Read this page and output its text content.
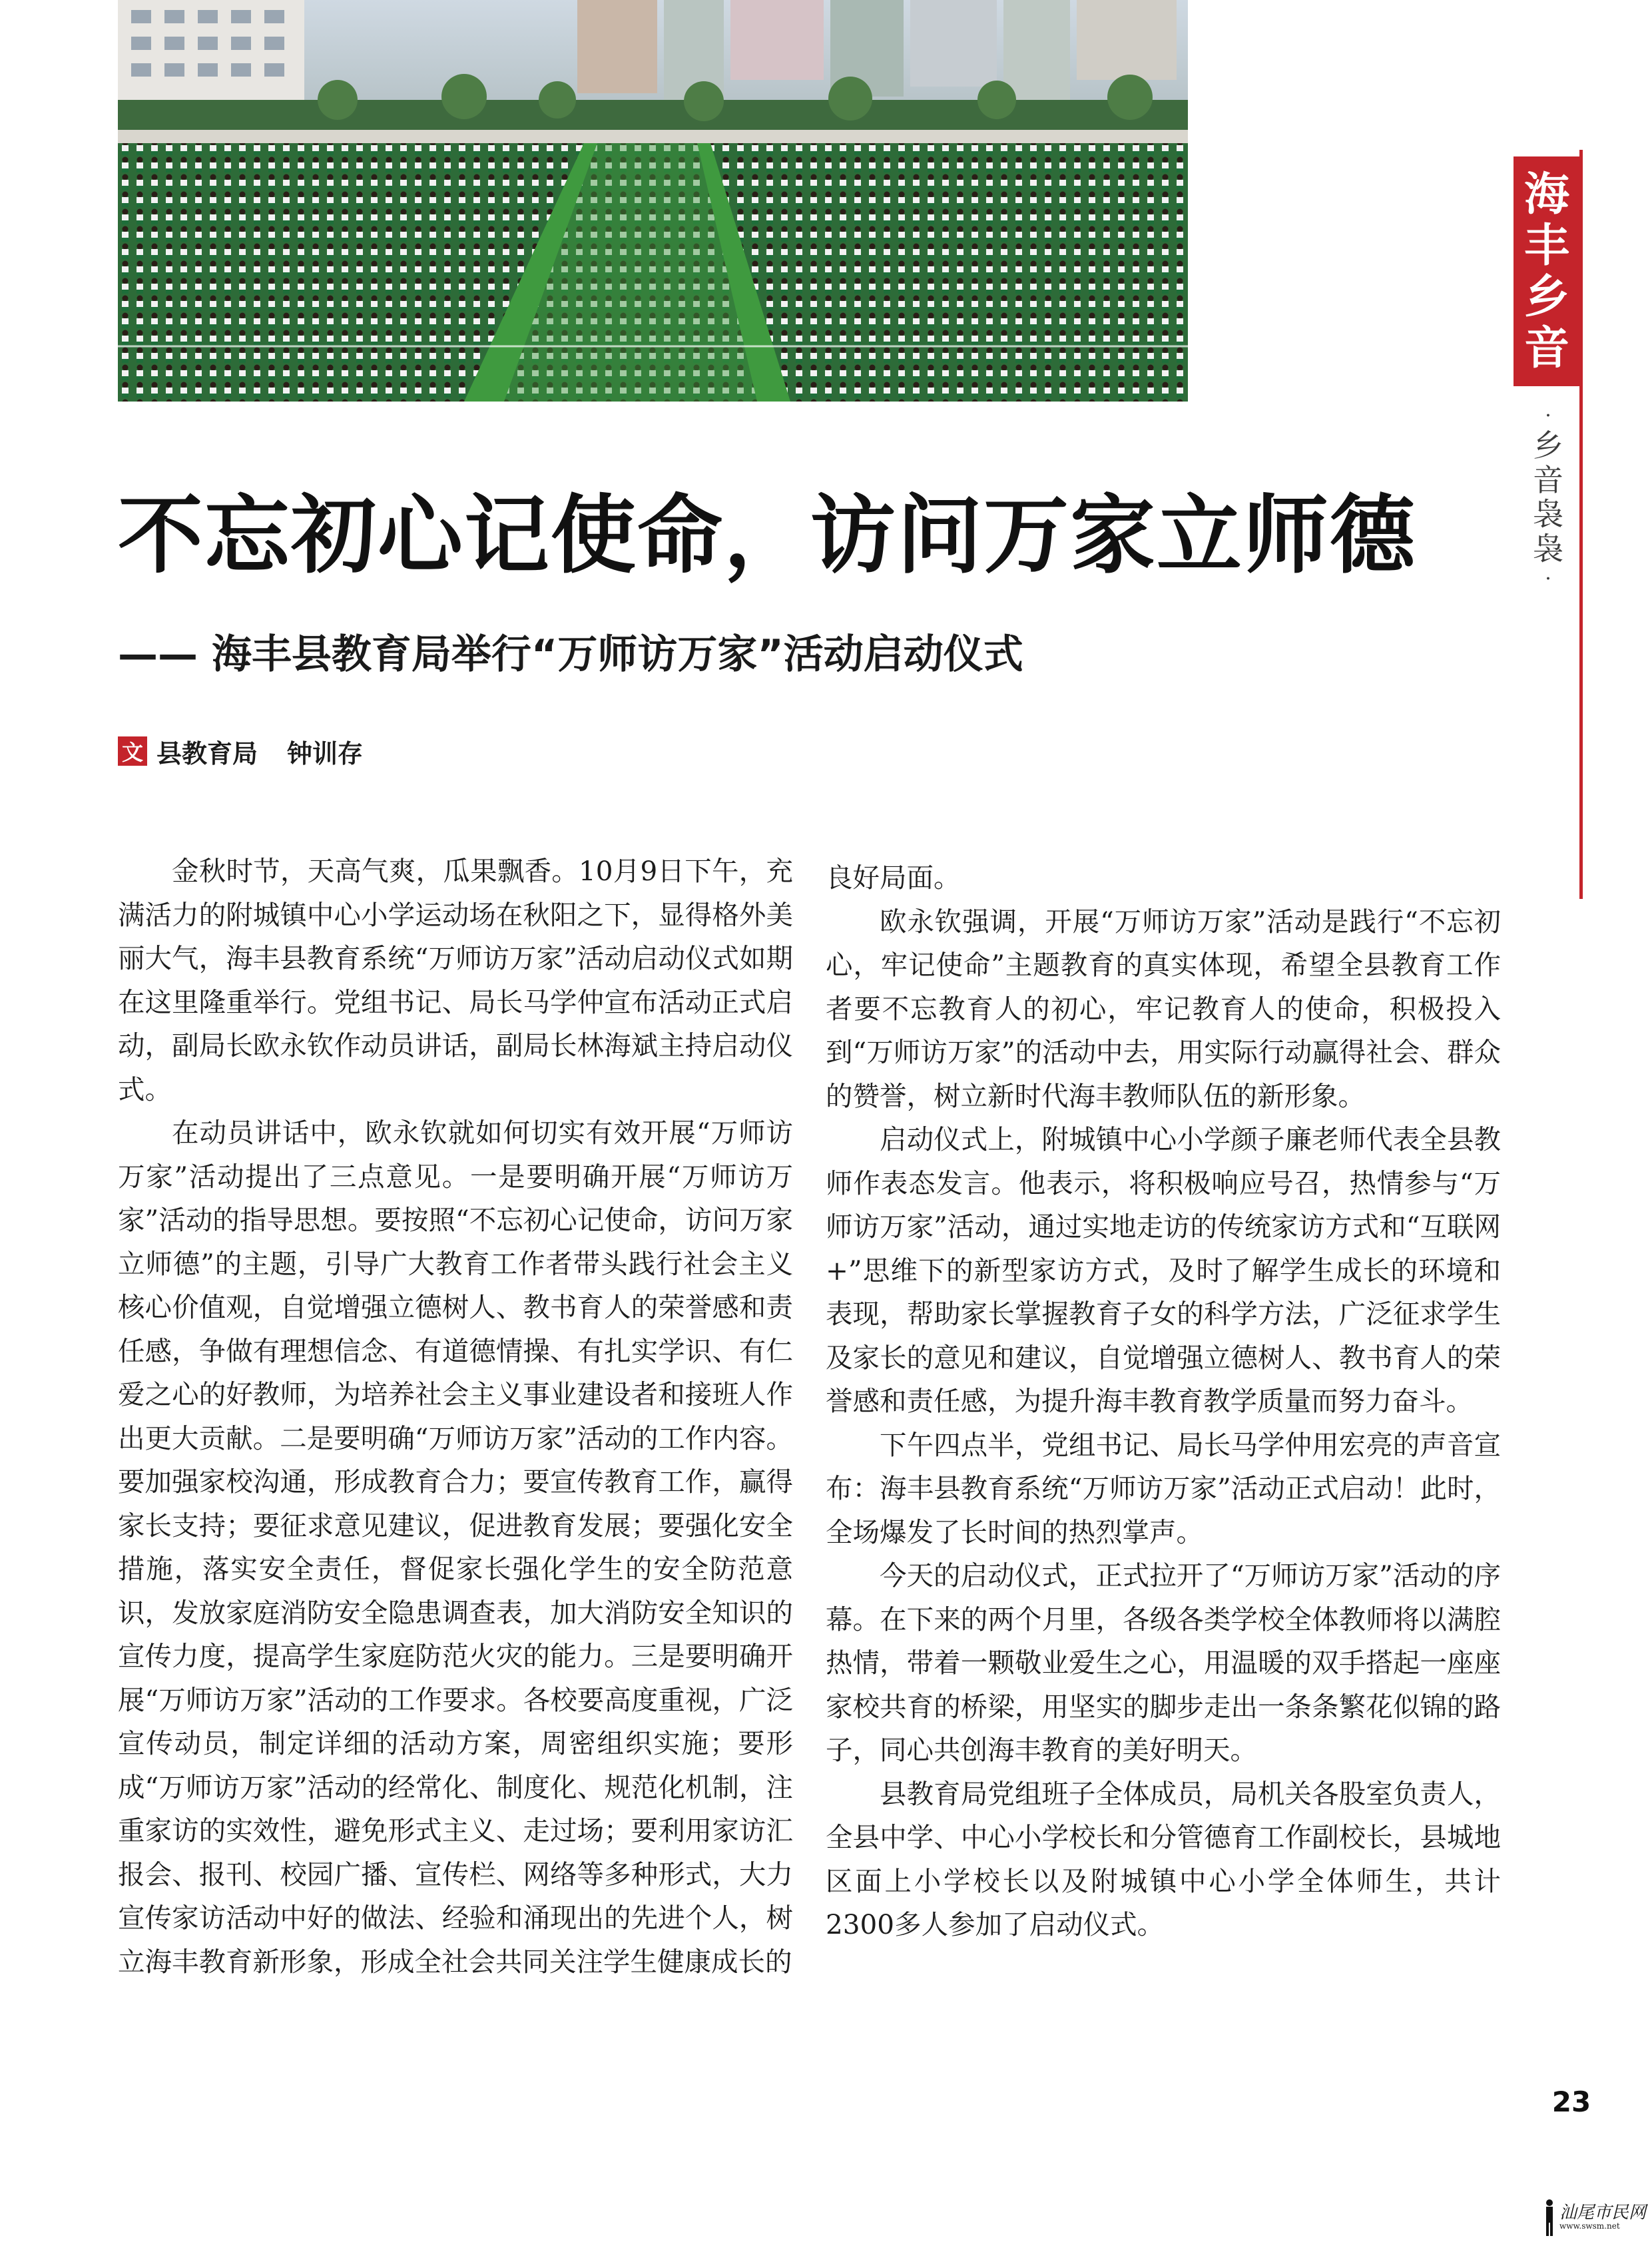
海
丰
乡
音
·
乡
音
袅
袅
·
不忘初心记使命，访问万家立师德
—— 海丰县教育局举行“万师访万家”活动启动仪式
文 县教育局 钟训存

金秋时节，天高气爽，瓜果飘香。10月9日下午，充满活力的附城镇中心小学运动场在秋阳之下，显得格外美丽大气，海丰县教育系统“万师访万家”活动启动仪式如期在这里隆重举行。党组书记、局长马学仲宣布活动正式启动，副局长欧永钦作动员讲话，副局长林海斌主持启动仪式。

在动员讲话中，欧永钦就如何切实有效开展“万师访万家”活动提出了三点意见。一是要明确开展“万师访万家”活动的指导思想。要按照“不忘初心记使命，访问万家立师德”的主题，引导广大教育工作者带头践行社会主义核心价值观，自觉增强立德树人、教书育人的荣誉感和责任感，争做有理想信念、有道德情操、有扎实学识、有仁爱之心的好教师，为培养社会主义事业建设者和接班人作出更大贡献。二是要明确“万师访万家”活动的工作内容。要加强家校沟通，形成教育合力；要宣传教育工作，赢得家长支持；要征求意见建议，促进教育发展；要强化安全措施，落实安全责任，督促家长强化学生的安全防范意识，发放家庭消防安全隐患调查表，加大消防安全知识的宣传力度，提高学生家庭防范火灾的能力。三是要明确开展“万师访万家”活动的工作要求。各校要高度重视，广泛宣传动员，制定详细的活动方案，周密组织实施；要形成“万师访万家”活动的经常化、制度化、规范化机制，注重家访的实效性，避免形式主义、走过场；要利用家访汇报会、报刊、校园广播、宣传栏、网络等多种形式，大力宣传家访活动中好的做法、经验和涌现出的先进个人，树立海丰教育新形象，形成全社会共同关注学生健康成长的

良好局面。

欧永钦强调，开展“万师访万家”活动是践行“不忘初心，牢记使命”主题教育的真实体现，希望全县教育工作者要不忘教育人的初心，牢记教育人的使命，积极投入到“万师访万家”的活动中去，用实际行动赢得社会、群众的赞誉，树立新时代海丰教师队伍的新形象。

启动仪式上，附城镇中心小学颜子廉老师代表全县教师作表态发言。他表示，将积极响应号召，热情参与“万师访万家”活动，通过实地走访的传统家访方式和“互联网+”思维下的新型家访方式，及时了解学生成长的环境和表现，帮助家长掌握教育子女的科学方法，广泛征求学生及家长的意见和建议，自觉增强立德树人、教书育人的荣誉感和责任感，为提升海丰教育教学质量而努力奋斗。

下午四点半，党组书记、局长马学仲用宏亮的声音宣布：海丰县教育系统“万师访万家”活动正式启动！此时，全场爆发了长时间的热烈掌声。

今天的启动仪式，正式拉开了“万师访万家”活动的序幕。在下来的两个月里，各级各类学校全体教师将以满腔热情，带着一颗敬业爱生之心，用温暖的双手搭起一座座家校共育的桥梁，用坚实的脚步走出一条条繁花似锦的路子，同心共创海丰教育的美好明天。

县教育局党组班子全体成员，局机关各股室负责人，全县中学、中心小学校长和分管德育工作副校长，县城地区面上小学校长以及附城镇中心小学全体师生，共计2300多人参加了启动仪式。

23
汕尾市民网
www.swsm.net
